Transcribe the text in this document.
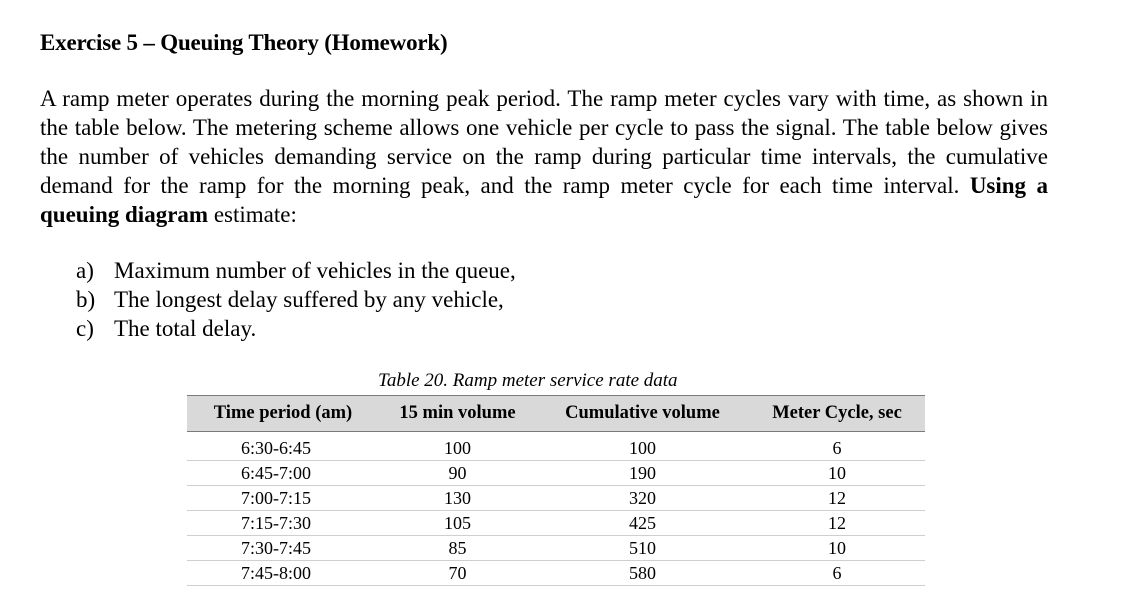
Exercise 5 – Queuing Theory (Homework)
A ramp meter operates during the morning peak period. The ramp meter cycles vary with time, as shown in the table below. The metering scheme allows one vehicle per cycle to pass the signal. The table below gives the number of vehicles demanding service on the ramp during particular time intervals, the cumulative demand for the ramp for the morning peak, and the ramp meter cycle for each time interval. Using a queuing diagram estimate:
a) Maximum number of vehicles in the queue,
b) The longest delay suffered by any vehicle,
c) The total delay.
Table 20. Ramp meter service rate data
Time period (am)	15 min volume	Cumulative volume	Meter Cycle, sec
6:30-6:45	100	100	6
6:45-7:00	90	190	10
7:00-7:15	130	320	12
7:15-7:30	105	425	12
7:30-7:45	85	510	10
7:45-8:00	70	580	6
